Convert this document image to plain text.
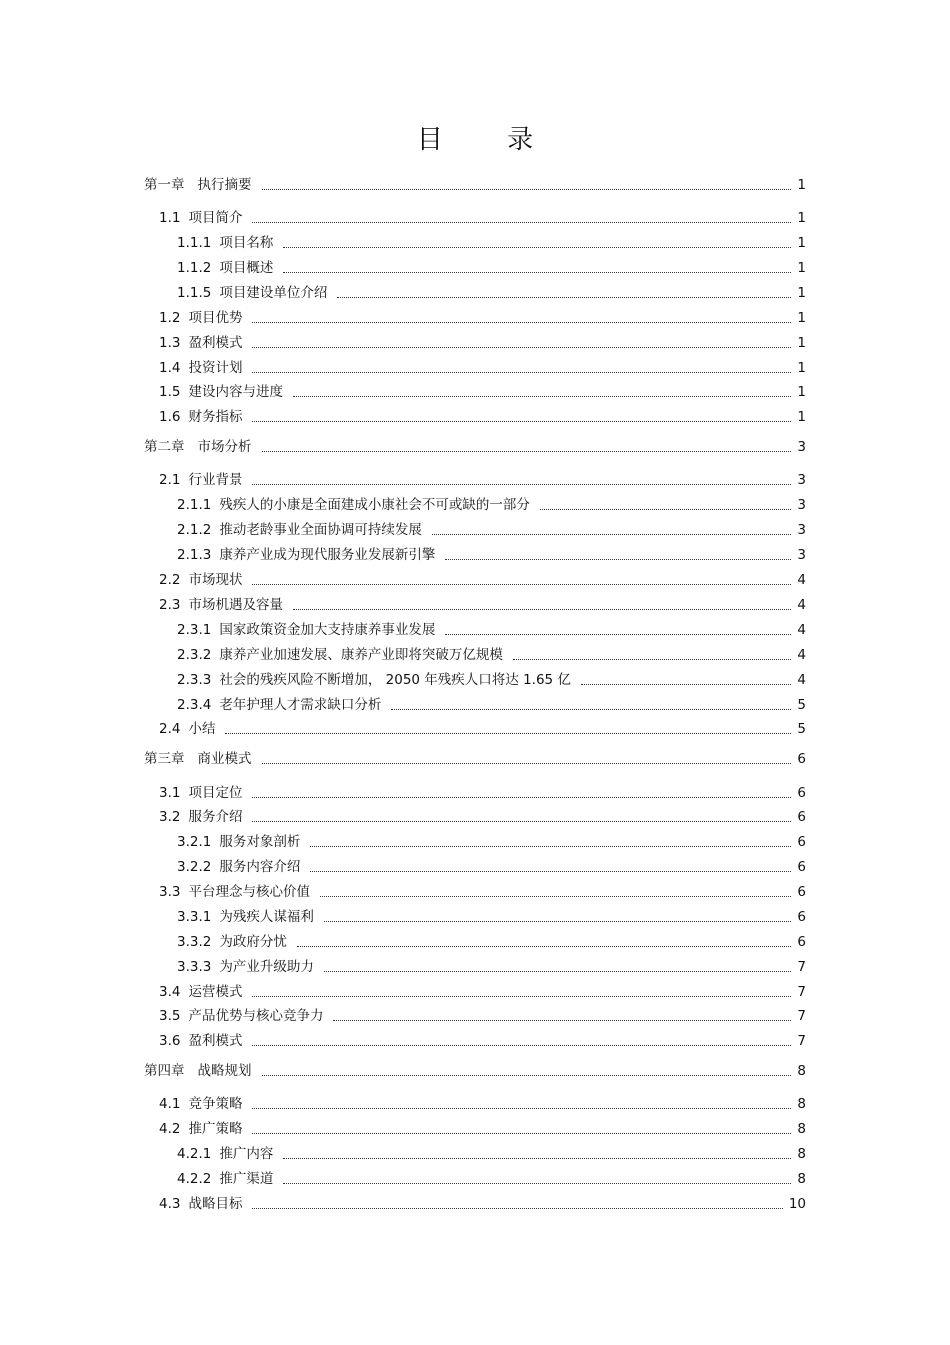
目 录
第一章 执行摘要	1
1.1 项目简介	1
1.1.1 项目名称	1
1.1.2 项目概述	1
1.1.5 项目建设单位介绍	1
1.2 项目优势	1
1.3 盈利模式	1
1.4 投资计划	1
1.5 建设内容与进度	1
1.6 财务指标	1
第二章 市场分析	3
2.1 行业背景	3
2.1.1 残疾人的小康是全面建成小康社会不可或缺的一部分	3
2.1.2 推动老龄事业全面协调可持续发展	3
2.1.3 康养产业成为现代服务业发展新引擎	3
2.2 市场现状	4
2.3 市场机遇及容量	4
2.3.1 国家政策资金加大支持康养事业发展	4
2.3.2 康养产业加速发展、康养产业即将突破万亿规模	4
2.3.3 社会的残疾风险不断增加， 2050 年残疾人口将达 1.65 亿	4
2.3.4 老年护理人才需求缺口分析	5
2.4 小结	5
第三章 商业模式	6
3.1 项目定位	6
3.2 服务介绍	6
3.2.1 服务对象剖析	6
3.2.2 服务内容介绍	6
3.3 平台理念与核心价值	6
3.3.1 为残疾人谋福利	6
3.3.2 为政府分忧	6
3.3.3 为产业升级助力	7
3.4 运营模式	7
3.5 产品优势与核心竞争力	7
3.6 盈利模式	7
第四章 战略规划	8
4.1 竞争策略	8
4.2 推广策略	8
4.2.1 推广内容	8
4.2.2 推广渠道	8
4.3 战略目标	10
